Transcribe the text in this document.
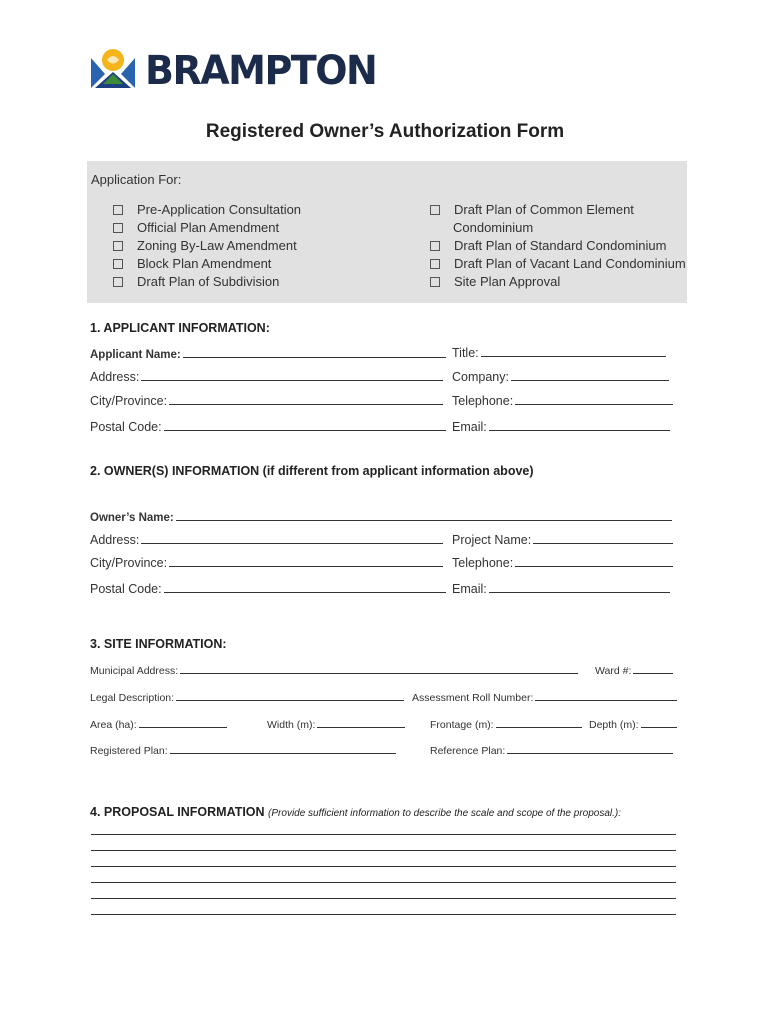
BRAMPTON
Registered Owner’s Authorization Form
Application For:
Pre-Application Consultation
Official Plan Amendment
Zoning By-Law Amendment
Block Plan Amendment
Draft Plan of Subdivision
Draft Plan of Common Element
Condominium
Draft Plan of Standard Condominium
Draft Plan of Vacant Land Condominium
Site Plan Approval
1. APPLICANT INFORMATION:
Applicant Name:	Title:
Address:	Company:
City/Province:	Telephone:
Postal Code:	Email:
2. OWNER(S) INFORMATION (if different from applicant information above)
Owner’s Name:
Address:	Project Name:
City/Province:	Telephone:
Postal Code:	Email:
3. SITE INFORMATION:
Municipal Address:	Ward #:
Legal Description:	Assessment Roll Number:
Area (ha):	Width (m):	Frontage (m):	Depth (m):
Registered Plan:	Reference Plan:
4. PROPOSAL INFORMATION (Provide sufficient information to describe the scale and scope of the proposal.):
